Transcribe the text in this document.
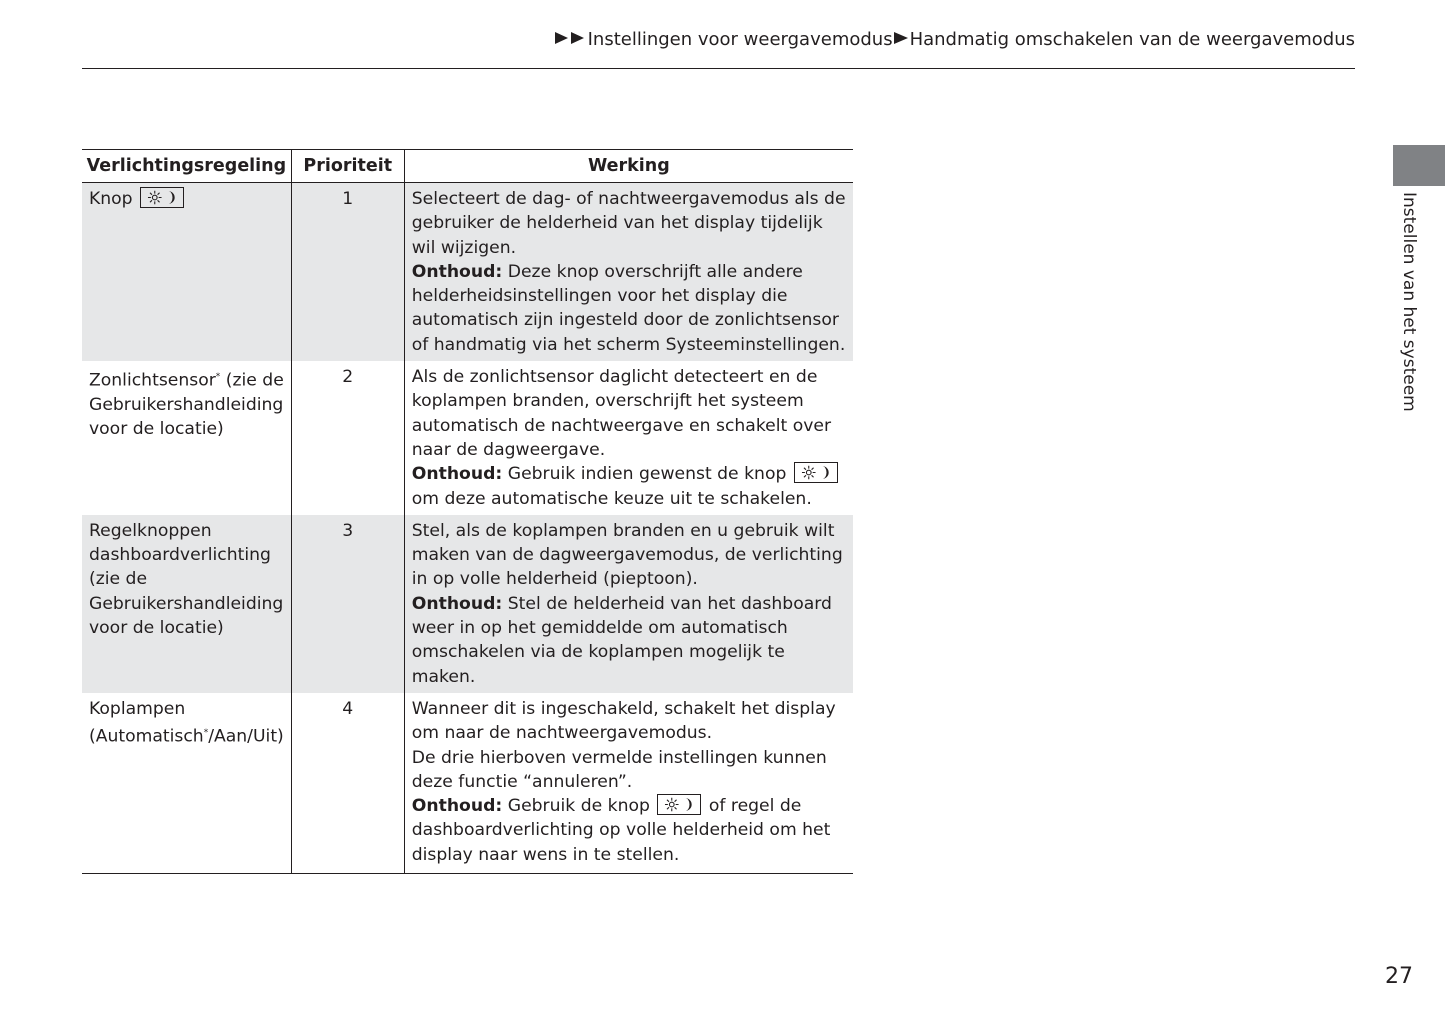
Instellingen voor weergavemodus Handmatig omschakelen van de weergavemodus
Verlichtingsregeling	Prioriteit	Werking
Knop	1	Selecteert de dag- of nachtweergavemodus als de gebruiker de helderheid van het display tijdelijk wil wijzigen.
Onthoud: Deze knop overschrijft alle andere helderheidsinstellingen voor het display die automatisch zijn ingesteld door de zonlichtsensor of handmatig via het scherm Systeeminstellingen.
Zonlichtsensor* (zie de Gebruikershandleiding voor de locatie)	2	Als de zonlichtsensor daglicht detecteert en de koplampen branden, overschrijft het systeem automatisch de nachtweergave en schakelt over naar de dagweergave.
Onthoud: Gebruik indien gewenst de knop

om deze automatische keuze uit te schakelen.
Regelknoppen dashboardverlichting (zie de Gebruikershandleiding voor de locatie)	3	Stel, als de koplampen branden en u gebruik wilt maken van de dagweergavemodus, de verlichting in op volle helderheid (pieptoon).
Onthoud: Stel de helderheid van het dashboard weer in op het gemiddelde om automatisch omschakelen via de koplampen mogelijk te maken.
Koplampen (Automatisch*/Aan/Uit)	4	Wanneer dit is ingeschakeld, schakelt het display om naar de nachtweergavemodus.
De drie hierboven vermelde instellingen kunnen deze functie “annuleren”.
Onthoud: Gebruik de knop of regel de dashboardverlichting op volle helderheid om het display naar wens in te stellen.
Instellen van het systeem
27
